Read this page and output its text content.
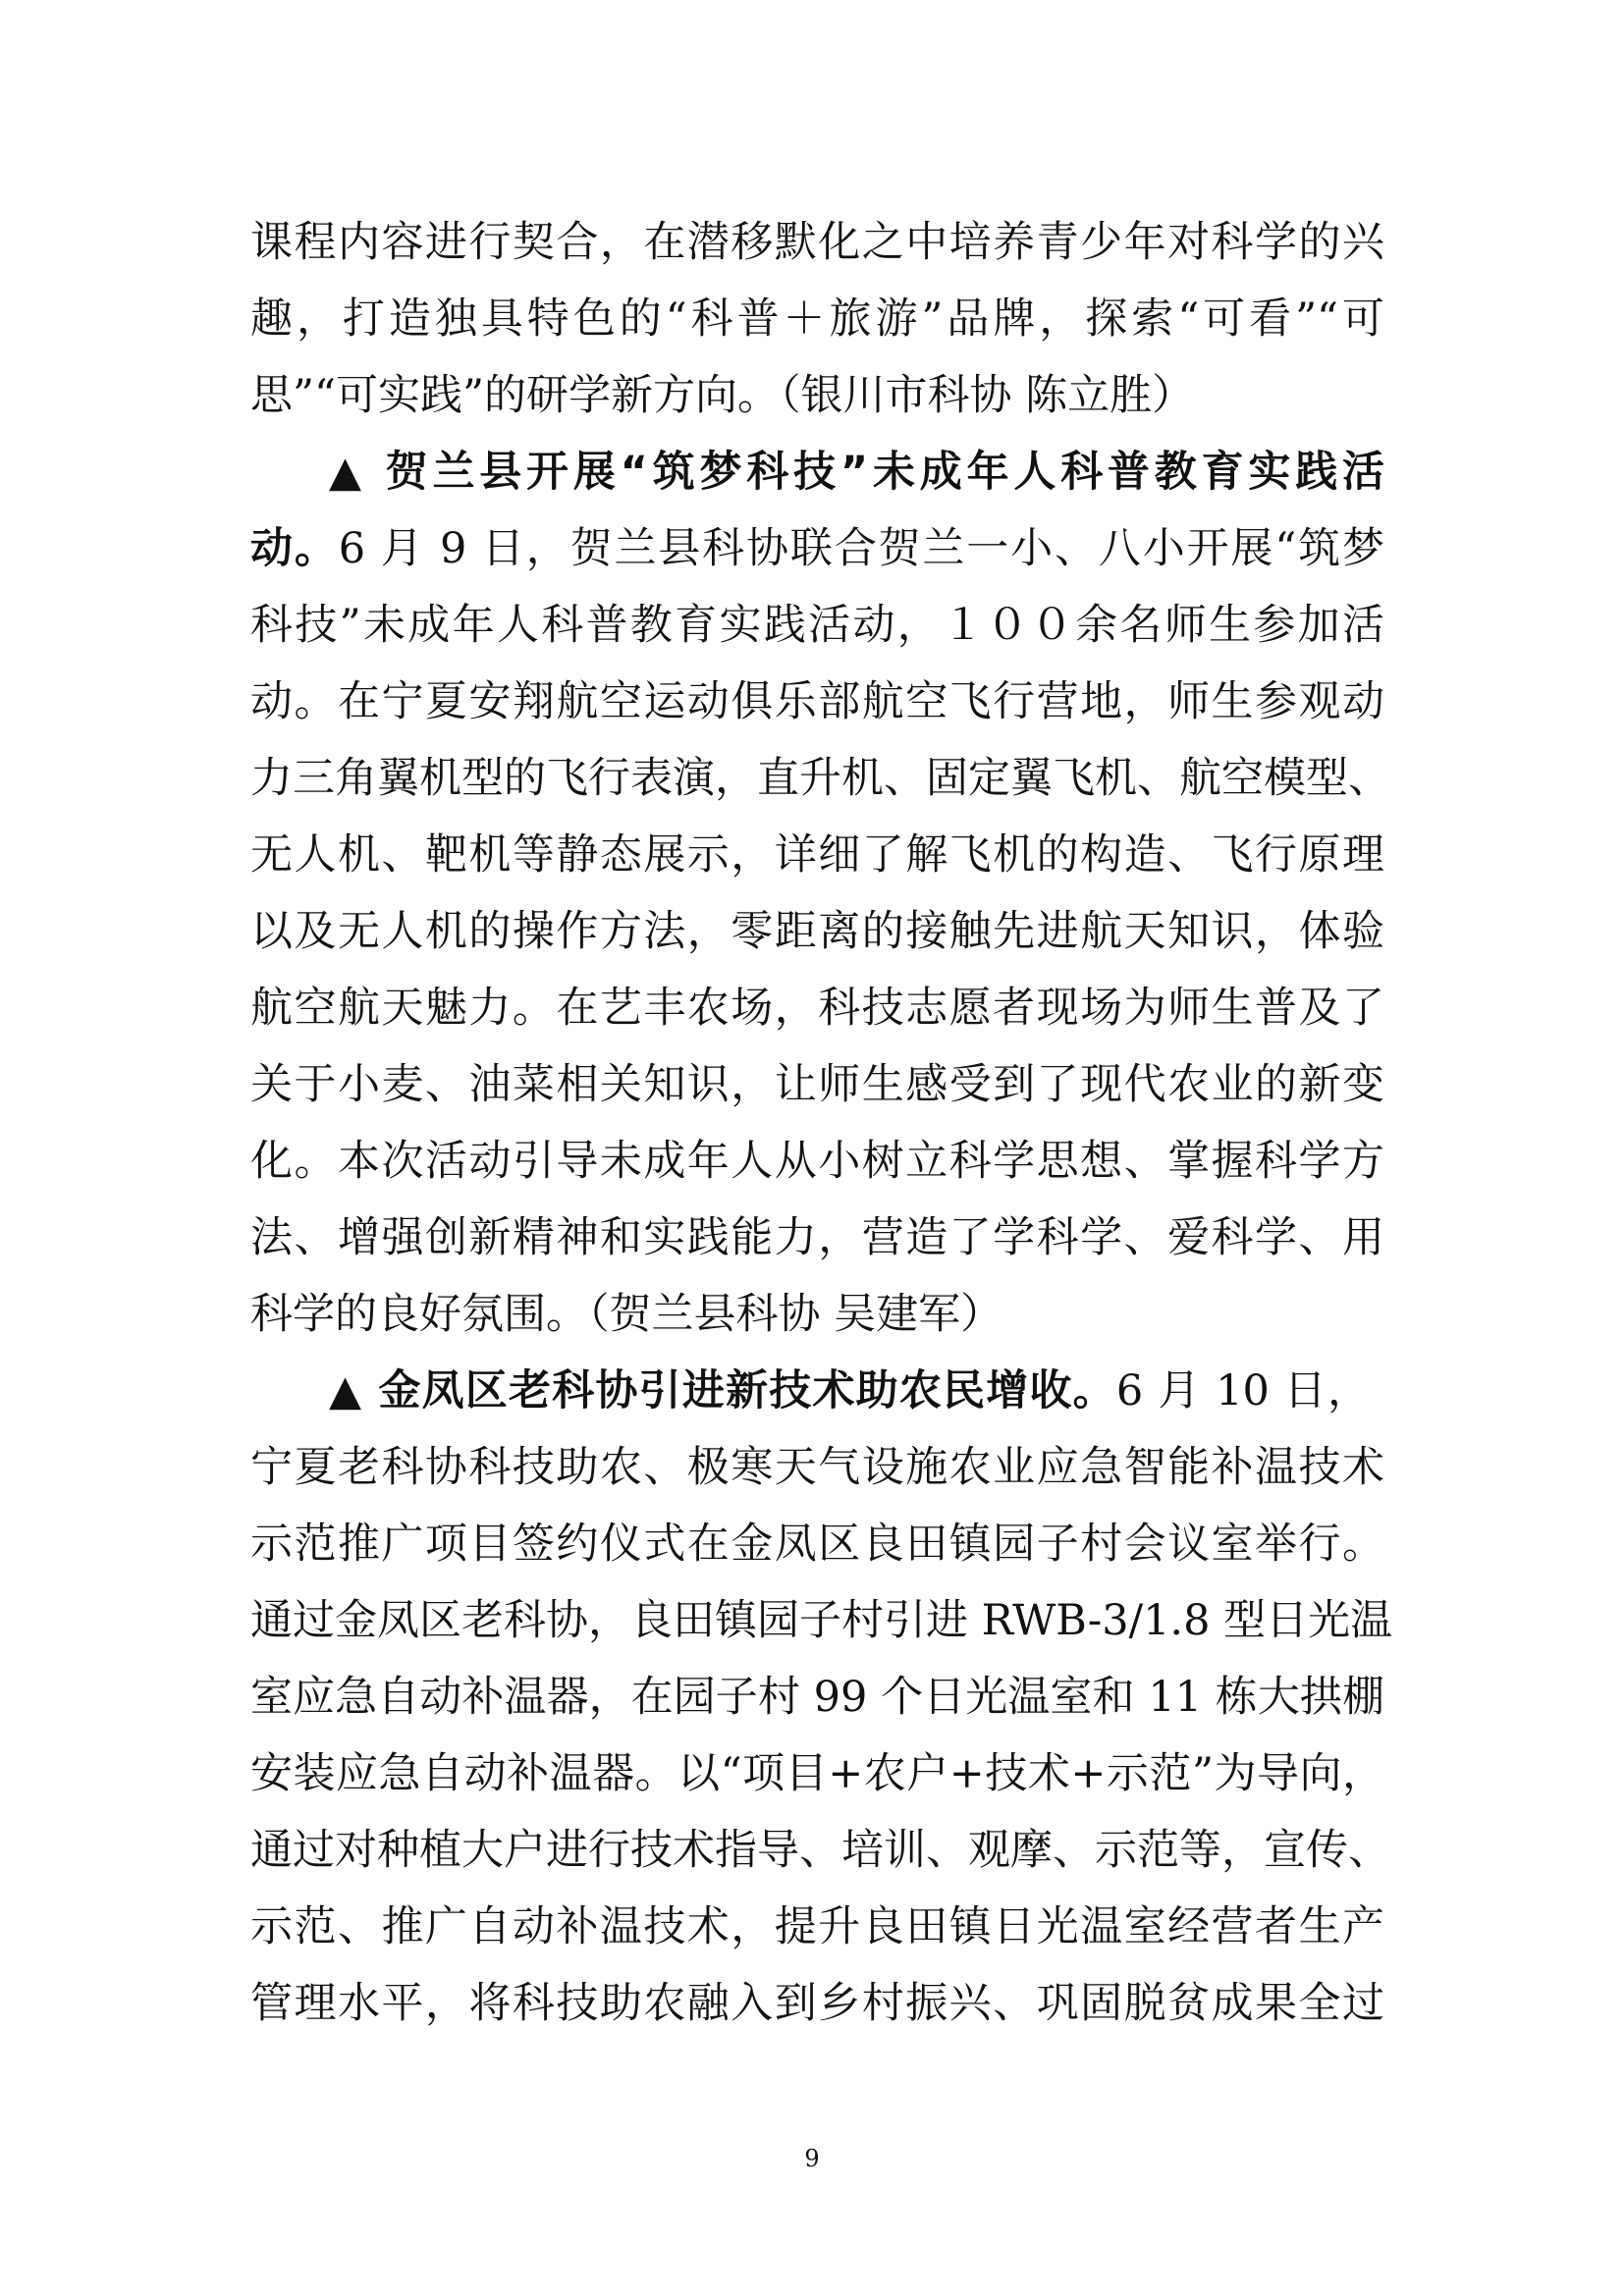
课程内容进行契合，在潜移默化之中培养青少年对科学的兴
趣，打造独具特色的“科普＋旅游”品牌，探索“可看”“可
思”“可实践”的研学新方向。（银川市科协 陈立胜）
▲ 贺兰县开展“筑梦科技”未成年人科普教育实践活
动。6 月 9 日，贺兰县科协联合贺兰一小、八小开展“筑梦
科技”未成年人科普教育实践活动，１００余名师生参加活
动。在宁夏安翔航空运动俱乐部航空飞行营地，师生参观动
力三角翼机型的飞行表演，直升机、固定翼飞机、航空模型、
无人机、靶机等静态展示，详细了解飞机的构造、飞行原理
以及无人机的操作方法，零距离的接触先进航天知识，体验
航空航天魅力。在艺丰农场，科技志愿者现场为师生普及了
关于小麦、油菜相关知识，让师生感受到了现代农业的新变
化。本次活动引导未成年人从小树立科学思想、掌握科学方
法、增强创新精神和实践能力，营造了学科学、爱科学、用
科学的良好氛围。（贺兰县科协 吴建军）
▲ 金凤区老科协引进新技术助农民增收。6 月 10 日，
宁夏老科协科技助农、极寒天气设施农业应急智能补温技术
示范推广项目签约仪式在金凤区良田镇园子村会议室举行。
通过金凤区老科协，良田镇园子村引进 RWB-3/1.8 型日光温
室应急自动补温器，在园子村 99 个日光温室和 11 栋大拱棚
安装应急自动补温器。以“项目+农户+技术+示范”为导向，
通过对种植大户进行技术指导、培训、观摩、示范等，宣传、
示范、推广自动补温技术，提升良田镇日光温室经营者生产
管理水平，将科技助农融入到乡村振兴、巩固脱贫成果全过
9
